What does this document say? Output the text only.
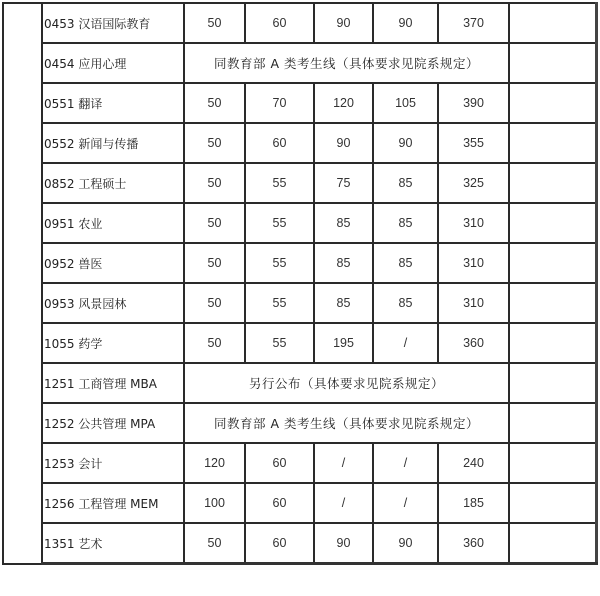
	0453 汉语国际教育	50	60	90	90	370	
	0454 应用心理	同教育部 A 类考生线（具体要求见院系规定）					
	0551 翻译	50	70	120	105	390	
	0552 新闻与传播	50	60	90	90	355	
	0852 工程硕士	50	55	75	85	325	
	0951 农业	50	55	85	85	310	
	0952 兽医	50	55	85	85	310	
	0953 风景园林	50	55	85	85	310	
	1055 药学	50	55	195	/	360	
	1251 工商管理 MBA	另行公布（具体要求见院系规定）					
	1252 公共管理 MPA	同教育部 A 类考生线（具体要求见院系规定）					
	1253 会计	120	60	/	/	240	
	1256 工程管理 MEM	100	60	/	/	185	
	1351 艺术	50	60	90	90	360	
